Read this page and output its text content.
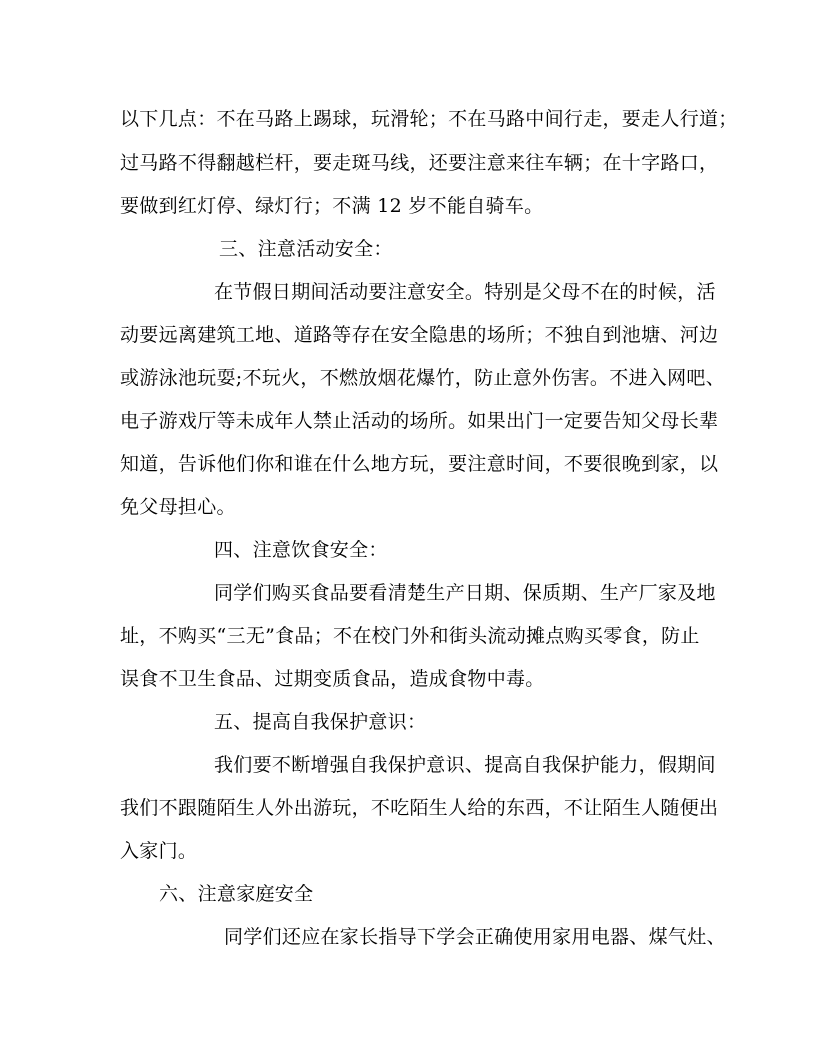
以下几点：不在马路上踢球，玩滑轮；不在马路中间行走，要走人行道；
过马路不得翻越栏杆，要走斑马线，还要注意来往车辆；在十字路口，
要做到红灯停、绿灯行；不满 12 岁不能自骑车。
三、注意活动安全：
在节假日期间活动要注意安全。特别是父母不在的时候，活
动要远离建筑工地、道路等存在安全隐患的场所；不独自到池塘、河边
或游泳池玩耍;不玩火，不燃放烟花爆竹，防止意外伤害。不进入网吧、
电子游戏厅等未成年人禁止活动的场所。如果出门一定要告知父母长辈
知道，告诉他们你和谁在什么地方玩，要注意时间，不要很晚到家，以
免父母担心。
四、注意饮食安全：
同学们购买食品要看清楚生产日期、保质期、生产厂家及地
址，不购买“三无”食品；不在校门外和街头流动摊点购买零食，防止
误食不卫生食品、过期变质食品，造成食物中毒。
五、提高自我保护意识：
我们要不断增强自我保护意识、提高自我保护能力，假期间
我们不跟随陌生人外出游玩，不吃陌生人给的东西，不让陌生人随便出
入家门。
六、注意家庭安全
同学们还应在家长指导下学会正确使用家用电器、煤气灶、
